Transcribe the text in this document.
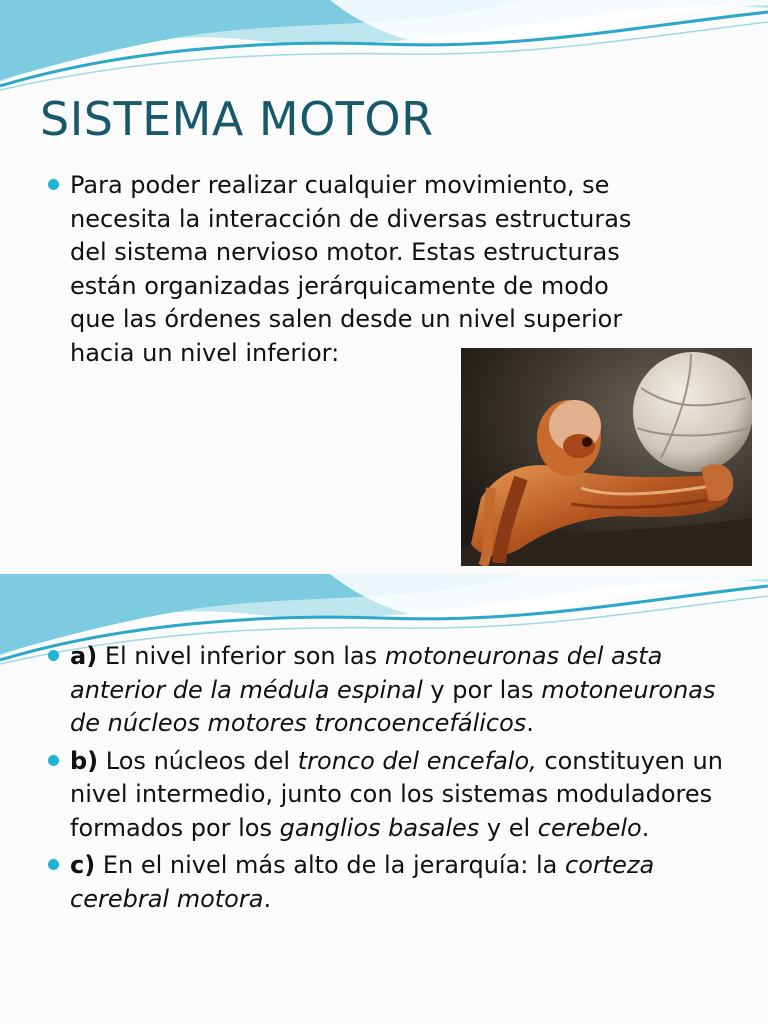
SISTEMA MOTOR

Para poder realizar cualquier movimiento, se
necesita la interacción de diversas estructuras
del sistema nervioso motor. Estas estructuras
están organizadas jerárquicamente de modo
que las órdenes salen desde un nivel superior
hacia un nivel inferior:

a) El nivel inferior son las motoneuronas del asta anterior de la médula espinal y por las motoneuronas de núcleos motores troncoencefálicos.

b) Los núcleos del tronco del encefalo, constituyen un nivel intermedio, junto con los sistemas moduladores formados por los ganglios basales y el cerebelo.

c) En el nivel más alto de la jerarquía: la corteza cerebral motora.
